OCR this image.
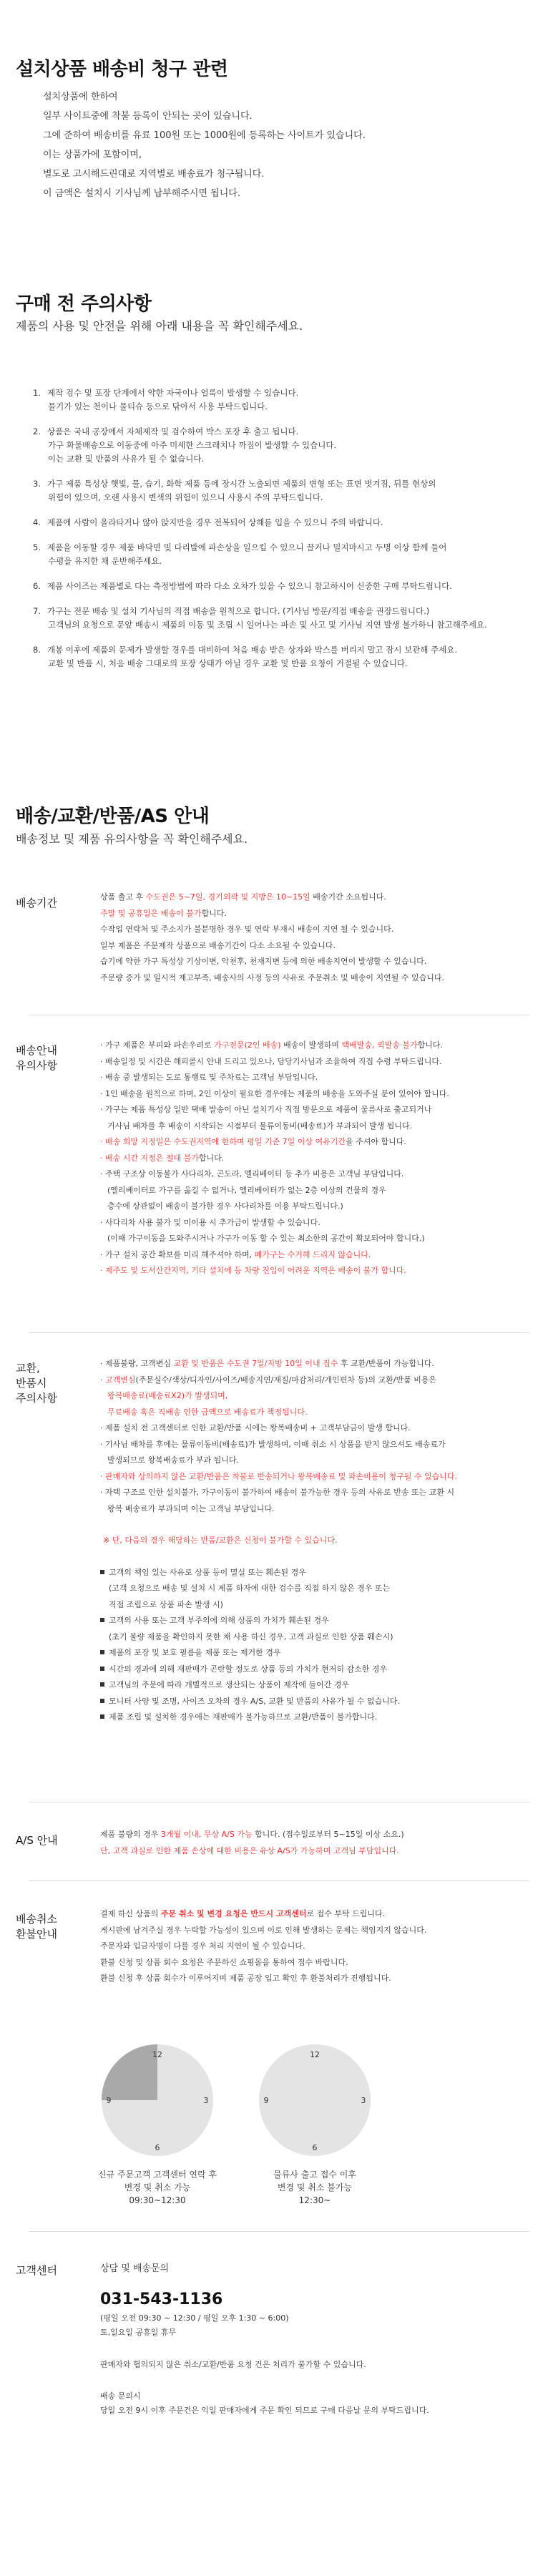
설치상품 배송비 청구 관련
설치상품에 한하여
일부 사이트중에 착불 등록이 안되는 곳이 있습니다.
그에 준하여 배송비를 유료 100원 또는 1000원에 등록하는 사이트가 있습니다.
이는 상품가에 포함이며,
별도로 고시해드린대로 지역별로 배송료가 청구됩니다.
이 금액은 설치시 기사님께 납부해주시면 됩니다.
구매 전 주의사항
제품의 사용 및 안전을 위해 아래 내용을 꼭 확인해주세요.
1. 제작 검수 및 포장 단계에서 약한 자국이나 얼룩이 발생할 수 있습니다.
물기가 있는 천이나 물티슈 등으로 닦아서 사용 부탁드립니다.
2. 상품은 국내 공장에서 자체제작 및 검수하여 박스 포장 후 출고 됩니다.
가구 화물배송으로 이동중에 아주 미세한 스크래치나 까짐이 발생할 수 있습니다.
이는 교환 및 반품의 사유가 될 수 없습니다.
3. 가구 제품 특성상 햇빛, 물, 습기, 화학 제품 등에 장시간 노출되면 제품의 변형 또는 표면 벗겨짐, 뒤틀 현상의
위험이 있으며, 오랜 사용시 변색의 위험이 있으니 사용시 주의 부탁드립니다.
4. 제품에 사람이 올라타거나 않아 앉지만을 경우 전복되어 상해를 입을 수 있으니 주의 바랍니다.
5. 제품을 이동할 경우 제품 바닥면 및 다리발에 파손상을 일으킬 수 있으니 끌거나 밀지마시고 두명 이상 함께 들어
수평을 유지한 채 운반해주세요.
6. 제품 사이즈는 제품별로 다는 측정방법에 따라 다소 오차가 있을 수 있으니 참고하시어 신중한 구매 부탁드립니다.
7. 가구는 전문 배송 및 설치 기사님의 직접 배송을 원칙으로 합니다. (기사님 방문/직접 배송을 권장드립니다.)
고객님의 요청으로 문앞 배송시 제품의 이동 및 조립 시 일어나는 파손 및 사고 및 기사님 지연 발생 불가하니 참고해주세요.
8. 개봉 이후에 제품의 문제가 발생할 경우를 대비하여 처음 배송 받은 상자와 박스를 버리지 말고 잠시 보관해 주세요.
교환 및 반품 시, 처음 배송 그대로의 포장 상태가 아닐 경우 교환 및 반품 요청이 거절될 수 있습니다.
배송/교환/반품/AS 안내
배송정보 및 제품 유의사항을 꼭 확인해주세요.
배송기간	상품 출고 후 수도권은 5~7일, 경기외곽 및 지방은 10~15일 배송기간 소요됩니다.
주말 및 공휴일은 배송이 불가합니다.
수작업 연락처 및 주소지가 불분명한 경우 및 연락 부재시 배송이 지연 될 수 있습니다.
일부 제품은 주문제작 상품으로 배송기간이 다소 소요될 수 있습니다.
습기에 약한 가구 특성상 기상이변, 악천후, 천재지변 등에 의한 배송지연이 발생할 수 있습니다.
주문량 증가 및 일시적 재고부족, 배송사의 사정 등의 사유로 주문취소 및 배송이 지연될 수 있습니다.
배송안내
유의사항
· 가구 제품은 부피와 파손우려로 가구전문(2인 배송) 배송이 발생하며 택배발송, 퀵발송 불가합니다.
· 배송일정 및 시간은 해피콜시 안내 드리고 있으나, 담당기사님과 조율하여 직접 수령 부탁드립니다.
· 배송 중 발생되는 도로 통행료 및 주차료는 고객님 부담입니다.
· 1인 배송을 원칙으로 하며, 2인 이상이 필요한 경우에는 제품의 배송을 도와주실 분이 있어야 합니다.
· 가구는 제품 특성상 일반 택배 발송이 아닌 설치기사 직접 방문으로 제품이 물류사로 출고되거나
기사님 배차를 후 배송이 시작되는 시점부터 물류이동비(배송료)가 부과되어 발생 됩니다.
· 배송 희망 지정일은 수도권지역에 한하며 평일 기준 7일 이상 여유기간을 주셔야 합니다.
· 배송 시간 지정은 절대 불가합니다.
· 주택 구조상 이동불가 사다리차, 곤도라, 엘리베이터 등 추가 비용은 고객님 부담입니다.
(엘리베이터로 가구를 옮길 수 없거나, 엘리베이터가 없는 2층 이상의 건물의 경우
층수에 상관없이 배송이 불가한 경우 사다리차를 이용 부탁드립니다.)
· 사다리차 사용 불가 및 미이용 시 추가금이 발생할 수 있습니다.
(이때 가구이동을 도와주시거나 가구가 이동 할 수 있는 최소한의 공간이 확보되어야 합니다.)
· 가구 설치 공간 확보를 미리 해주셔야 하며, 폐가구는 수거해 드리지 않습니다.
· 제주도 및 도서산간지역, 기타 설치에 등 차량 진입이 어려운 지역은 배송이 불가 합니다.
교환,
반품시
주의사항
· 제품불량, 고객변심 교환 및 반품은 수도권 7일/지방 10일 이내 접수 후 교환/반품이 가능합니다.
· 고객변심(주문실수/색상/디자인/사이즈/배송지연/재질/마감처리/개인편차 등)의 교환/반품 비용은
왕복배송료(배송료X2)가 발생되며,
무료배송 혹은 직배송 인한 금액으로 배송료가 책정됩니다.
· 제품 설치 전 고객센터로 인한 교환/반품 시에는 왕복배송비 + 고객부담금이 발생 합니다.
· 기사님 배차를 후에는 물류이동비(배송료)가 발생하며, 이때 취소 시 상품을 받지 않으셔도 배송료가
발생되므로 왕복배송료가 부과 됩니다.
· 판매자와 상의하지 않은 교환/반품은 착불로 반송되거나 왕복배송료 및 파손비용이 청구될 수 있습니다.
· 자택 구조로 인한 설치불가, 가구이동이 불가하여 배송이 불가능한 경우 등의 사유로 반송 또는 교환 시
왕복 배송료가 부과되며 이는 고객님 부담입니다.
※ 단, 다음의 경우 해당하는 반품/교환은 신청이 불가할 수 있습니다.
고객의 책임 있는 사유로 상품 등이 멸실 또는 훼손된 경우
(고객 요청으로 배송 및 설치 시 제품 하자에 대한 검수를 직접 하지 않은 경우 또는
직접 조립으로 상품 파손 발생 시)
고객의 사용 또는 고객 부주의에 의해 상품의 가치가 훼손된 경우
(초기 불량 제품을 확인하지 못한 채 사용 하신 경우, 고객 과실로 인한 상품 훼손시)
제품의 포장 및 보호 필름을 제품 또는 제거한 경우
시간의 경과에 의해 재판매가 곤란할 정도로 상품 등의 가치가 현저히 감소한 경우
고객님의 주문에 따라 개별적으로 생산되는 상품이 제작에 들어간 경우
모니터 사양 및 조명, 사이즈 오차의 경우 A/S, 교환 및 반품의 사유가 될 수 없습니다.
제품 조립 및 설치한 경우에는 재판매가 불가능하므로 교환/반품이 불가합니다.
A/S 안내	제품 불량의 경우 3개월 이내, 무상 A/S 가능 합니다. (접수일로부터 5~15일 이상 소요.)
단, 고객 과실로 인한 제품 손상에 대한 비용은 유상 A/S가 가능하며 고객님 부담입니다.
배송취소
환불안내
결제 하신 상품의 주문 취소 및 변경 요청은 반드시 고객센터로 접수 부탁 드립니다.
게시판에 남겨주실 경우 누락할 가능성이 있으며 이로 인해 발생하는 문제는 책임지지 않습니다.
주문자와 입금자명이 다를 경우 처리 지연이 될 수 있습니다.
환불 신청 및 상품 회수 요청은 주문하신 쇼핑몰을 통하여 접수 바랍니다.
환불 신청 후 상품 회수가 이루어지며 제품 공장 입고 확인 후 환불처리가 진행됩니다.
12
3
6
9
신규 주문고객 고객센터 연락 후
변경 및 취소 가능
09:30~12:30
12
3
6
9
물류사 출고 접수 이후
변경 및 취소 불가능
12:30~
고객센터	상담 및 배송문의
031-543-1136
(평일 오전 09:30 ~ 12:30 / 평일 오후 1:30 ~ 6:00)
토,일요일 공휴일 휴무
판매자와 협의되지 않은 취소/교환/반품 요청 건은 처리가 불가할 수 있습니다.
배송 문의시
당일 오전 9시 이후 주문건은 익일 판매자에게 주문 확인 되므로 구매 다음날 문의 부탁드립니다.
